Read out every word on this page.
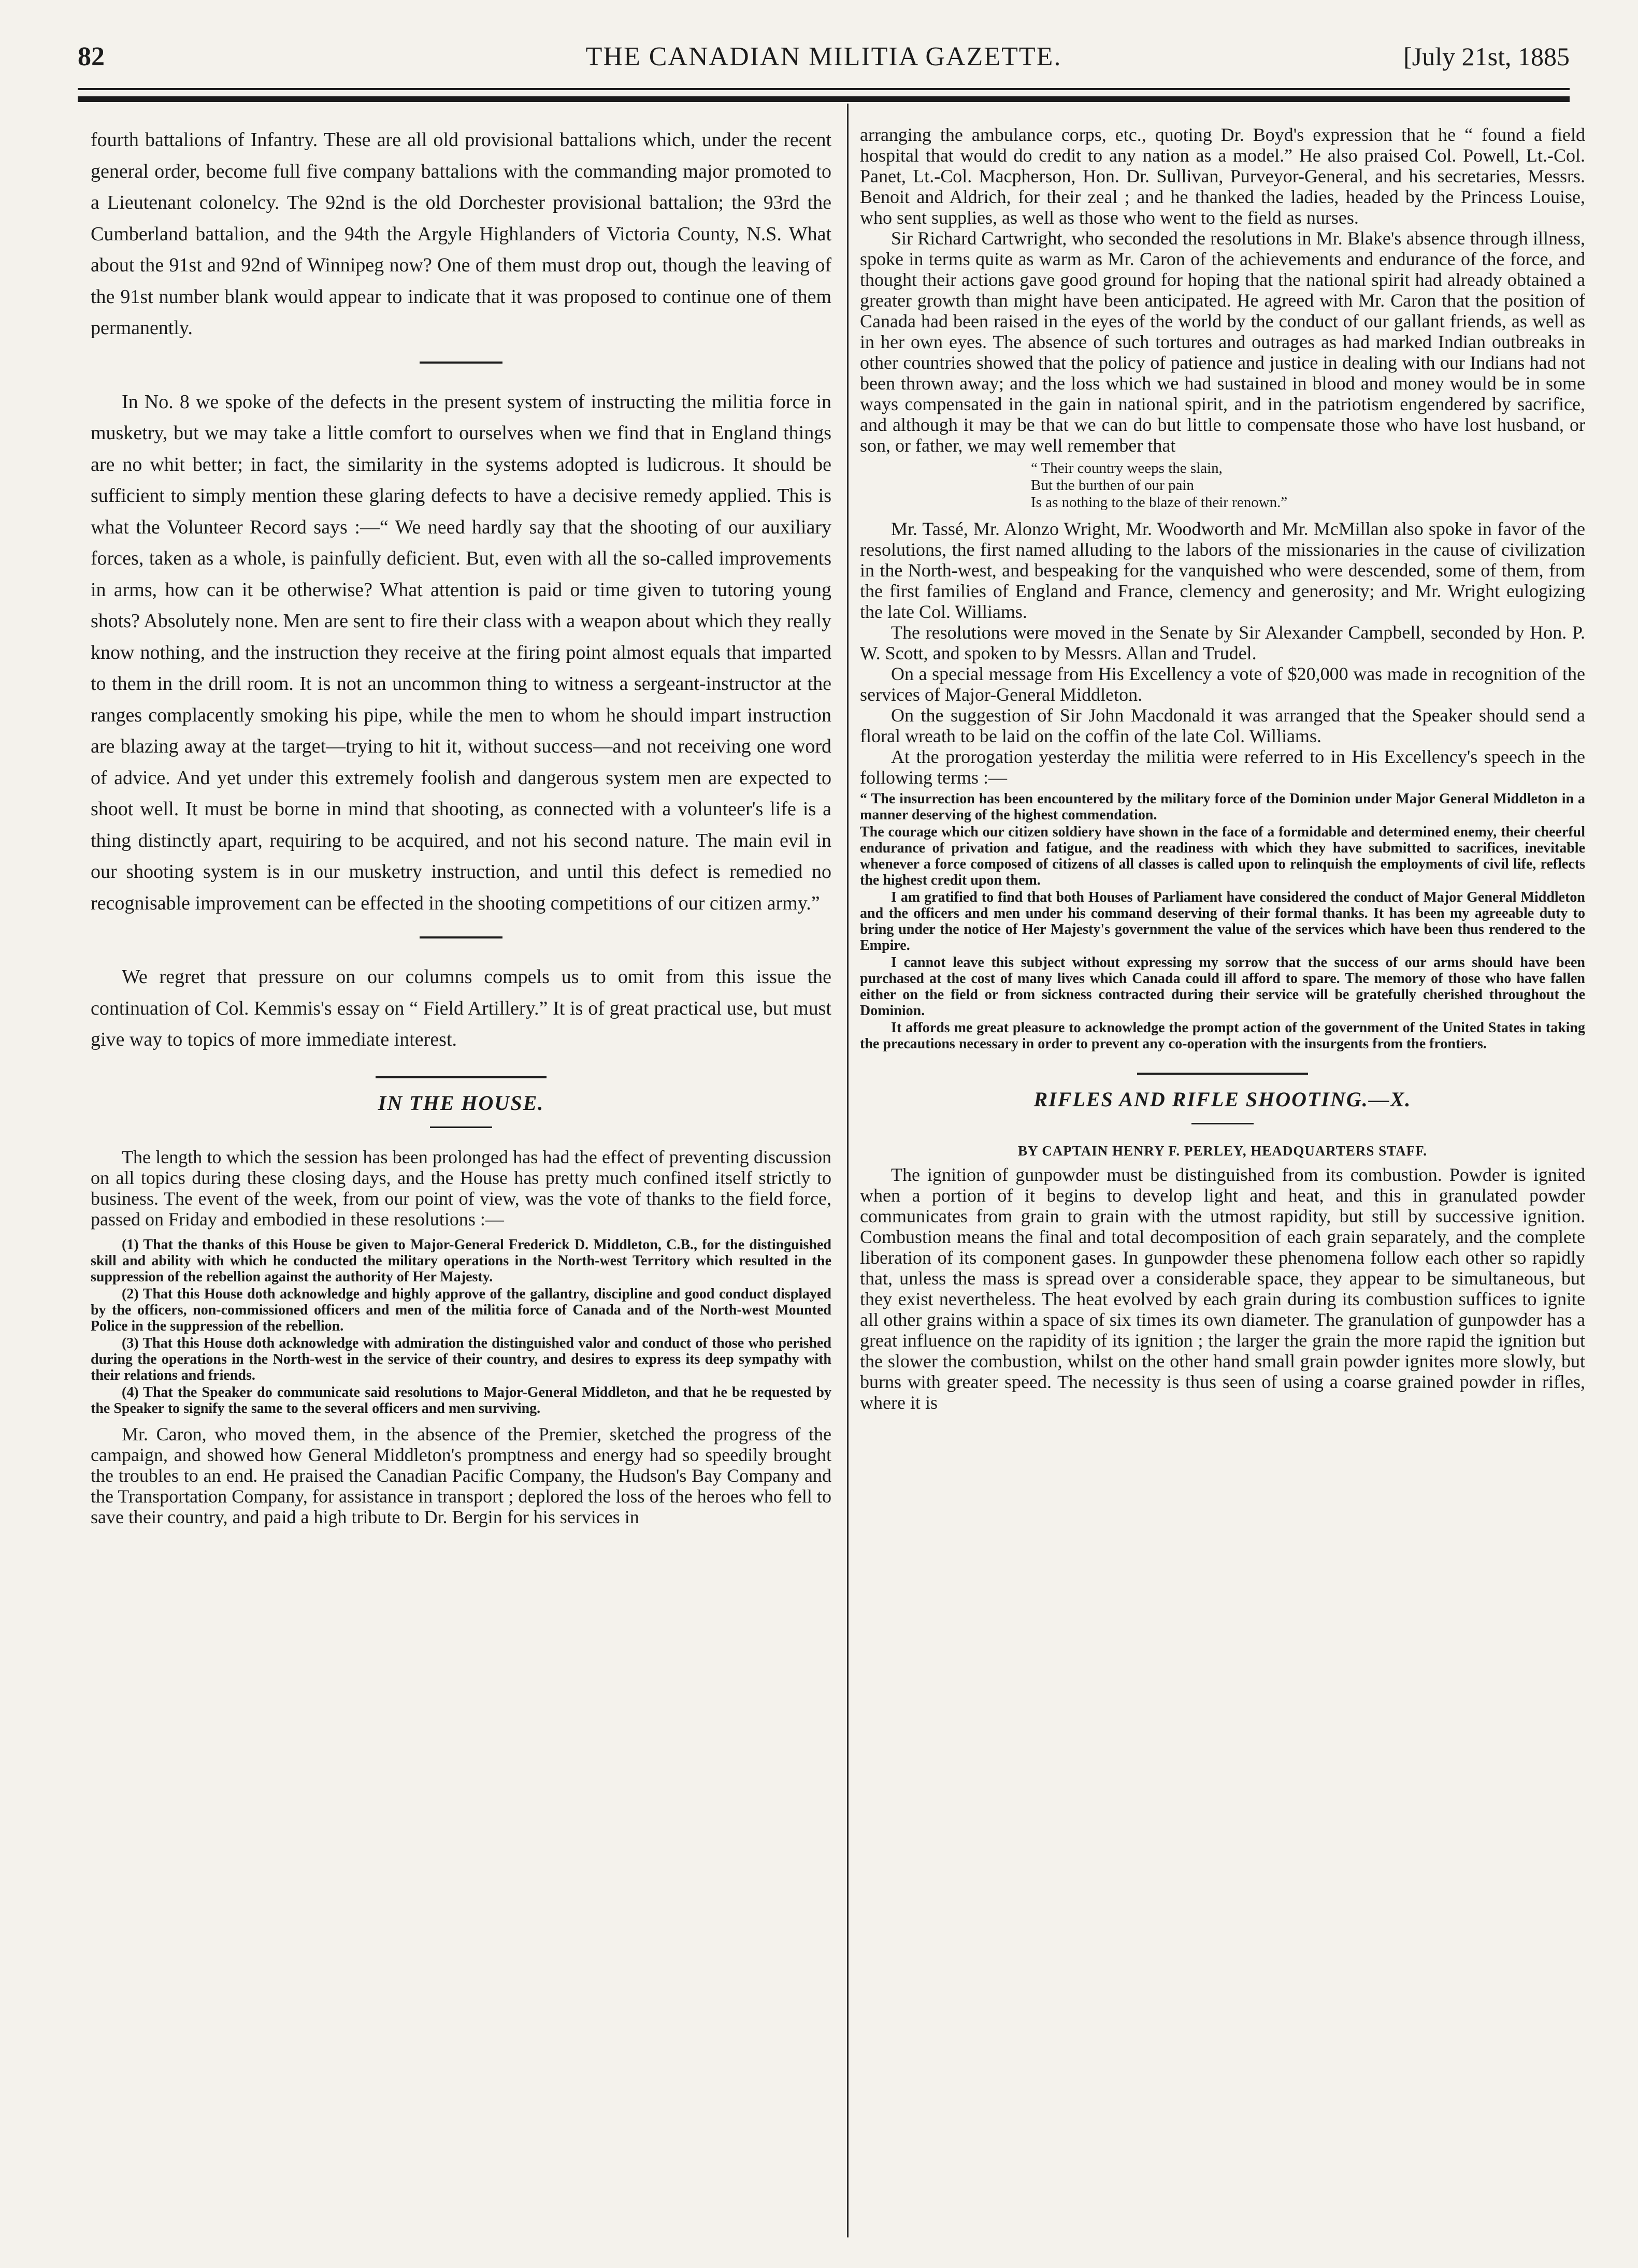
82	THE CANADIAN MILITIA GAZETTE.	[July 21st, 1885

fourth battalions of Infantry. These are all old provisional battalions which, under the recent general order, become full five company battalions with the commanding major promoted to a Lieutenant colonelcy. The 92nd is the old Dorchester provisional battalion; the 93rd the Cumberland battalion, and the 94th the Argyle Highlanders of Victoria County, N.S. What about the 91st and 92nd of Winnipeg now? One of them must drop out, though the leaving of the 91st number blank would appear to indicate that it was proposed to continue one of them permanently.

In No. 8 we spoke of the defects in the present system of instructing the militia force in musketry, but we may take a little comfort to ourselves when we find that in England things are no whit better; in fact, the similarity in the systems adopted is ludicrous. It should be sufficient to simply mention these glaring defects to have a decisive remedy applied. This is what the Volunteer Record says :—“ We need hardly say that the shooting of our auxiliary forces, taken as a whole, is painfully deficient. But, even with all the so-called improvements in arms, how can it be otherwise? What attention is paid or time given to tutoring young shots? Absolutely none. Men are sent to fire their class with a weapon about which they really know nothing, and the instruction they receive at the firing point almost equals that imparted to them in the drill room. It is not an uncommon thing to witness a sergeant-instructor at the ranges complacently smoking his pipe, while the men to whom he should impart instruction are blazing away at the target—trying to hit it, without success—and not receiving one word of advice. And yet under this extremely foolish and dangerous system men are expected to shoot well. It must be borne in mind that shooting, as connected with a volunteer's life is a thing distinctly apart, requiring to be acquired, and not his second nature. The main evil in our shooting system is in our musketry instruction, and until this defect is remedied no recognisable improvement can be effected in the shooting competitions of our citizen army.”

We regret that pressure on our columns compels us to omit from this issue the continuation of Col. Kemmis's essay on “ Field Artillery.” It is of great practical use, but must give way to topics of more immediate interest.

IN THE HOUSE.

The length to which the session has been prolonged has had the effect of preventing discussion on all topics during these closing days, and the House has pretty much confined itself strictly to business. The event of the week, from our point of view, was the vote of thanks to the field force, passed on Friday and embodied in these resolutions :—

(1) That the thanks of this House be given to Major-General Frederick D. Middleton, C.B., for the distinguished skill and ability with which he conducted the military operations in the North-west Territory which resulted in the suppression of the rebellion against the authority of Her Majesty.

(2) That this House doth acknowledge and highly approve of the gallantry, discipline and good conduct displayed by the officers, non-commissioned officers and men of the militia force of Canada and of the North-west Mounted Police in the suppression of the rebellion.

(3) That this House doth acknowledge with admiration the distinguished valor and conduct of those who perished during the operations in the North-west in the service of their country, and desires to express its deep sympathy with their relations and friends.

(4) That the Speaker do communicate said resolutions to Major-General Middleton, and that he be requested by the Speaker to signify the same to the several officers and men surviving.

Mr. Caron, who moved them, in the absence of the Premier, sketched the progress of the campaign, and showed how General Middleton's promptness and energy had so speedily brought the troubles to an end. He praised the Canadian Pacific Company, the Hudson's Bay Company and the Transportation Company, for assistance in transport ; deplored the loss of the heroes who fell to save their country, and paid a high tribute to Dr. Bergin for his services in

arranging the ambulance corps, etc., quoting Dr. Boyd's expression that he “ found a field hospital that would do credit to any nation as a model.” He also praised Col. Powell, Lt.-Col. Panet, Lt.-Col. Macpherson, Hon. Dr. Sullivan, Purveyor-General, and his secretaries, Messrs. Benoit and Aldrich, for their zeal ; and he thanked the ladies, headed by the Princess Louise, who sent supplies, as well as those who went to the field as nurses.

Sir Richard Cartwright, who seconded the resolutions in Mr. Blake's absence through illness, spoke in terms quite as warm as Mr. Caron of the achievements and endurance of the force, and thought their actions gave good ground for hoping that the national spirit had already obtained a greater growth than might have been anticipated. He agreed with Mr. Caron that the position of Canada had been raised in the eyes of the world by the conduct of our gallant friends, as well as in her own eyes. The absence of such tortures and outrages as had marked Indian outbreaks in other countries showed that the policy of patience and justice in dealing with our Indians had not been thrown away; and the loss which we had sustained in blood and money would be in some ways compensated in the gain in national spirit, and in the patriotism engendered by sacrifice, and although it may be that we can do but little to compensate those who have lost husband, or son, or father, we may well remember that

“ Their country weeps the slain,
But the burthen of our pain
Is as nothing to the blaze of their renown.”

Mr. Tassé, Mr. Alonzo Wright, Mr. Woodworth and Mr. McMillan also spoke in favor of the resolutions, the first named alluding to the labors of the missionaries in the cause of civilization in the North-west, and bespeaking for the vanquished who were descended, some of them, from the first families of England and France, clemency and generosity; and Mr. Wright eulogizing the late Col. Williams.

The resolutions were moved in the Senate by Sir Alexander Campbell, seconded by Hon. P. W. Scott, and spoken to by Messrs. Allan and Trudel.

On a special message from His Excellency a vote of $20,000 was made in recognition of the services of Major-General Middleton.

On the suggestion of Sir John Macdonald it was arranged that the Speaker should send a floral wreath to be laid on the coffin of the late Col. Williams.

At the prorogation yesterday the militia were referred to in His Excellency's speech in the following terms :—

“ The insurrection has been encountered by the military force of the Dominion under Major General Middleton in a manner deserving of the highest commendation.

The courage which our citizen soldiery have shown in the face of a formidable and determined enemy, their cheerful endurance of privation and fatigue, and the readiness with which they have submitted to sacrifices, inevitable whenever a force composed of citizens of all classes is called upon to relinquish the employments of civil life, reflects the highest credit upon them.

I am gratified to find that both Houses of Parliament have considered the conduct of Major General Middleton and the officers and men under his command deserving of their formal thanks. It has been my agreeable duty to bring under the notice of Her Majesty's government the value of the services which have been thus rendered to the Empire.

I cannot leave this subject without expressing my sorrow that the success of our arms should have been purchased at the cost of many lives which Canada could ill afford to spare. The memory of those who have fallen either on the field or from sickness contracted during their service will be gratefully cherished throughout the Dominion.

It affords me great pleasure to acknowledge the prompt action of the government of the United States in taking the precautions necessary in order to prevent any co-operation with the insurgents from the frontiers.

RIFLES AND RIFLE SHOOTING.—X.

BY CAPTAIN HENRY F. PERLEY, HEADQUARTERS STAFF.

The ignition of gunpowder must be distinguished from its combustion. Powder is ignited when a portion of it begins to develop light and heat, and this in granulated powder communicates from grain to grain with the utmost rapidity, but still by successive ignition. Combustion means the final and total decomposition of each grain separately, and the complete liberation of its component gases. In gunpowder these phenomena follow each other so rapidly that, unless the mass is spread over a considerable space, they appear to be simultaneous, but they exist nevertheless. The heat evolved by each grain during its combustion suffices to ignite all other grains within a space of six times its own diameter. The granulation of gunpowder has a great influence on the rapidity of its ignition ; the larger the grain the more rapid the ignition but the slower the combustion, whilst on the other hand small grain powder ignites more slowly, but burns with greater speed. The necessity is thus seen of using a coarse grained powder in rifles, where it is
